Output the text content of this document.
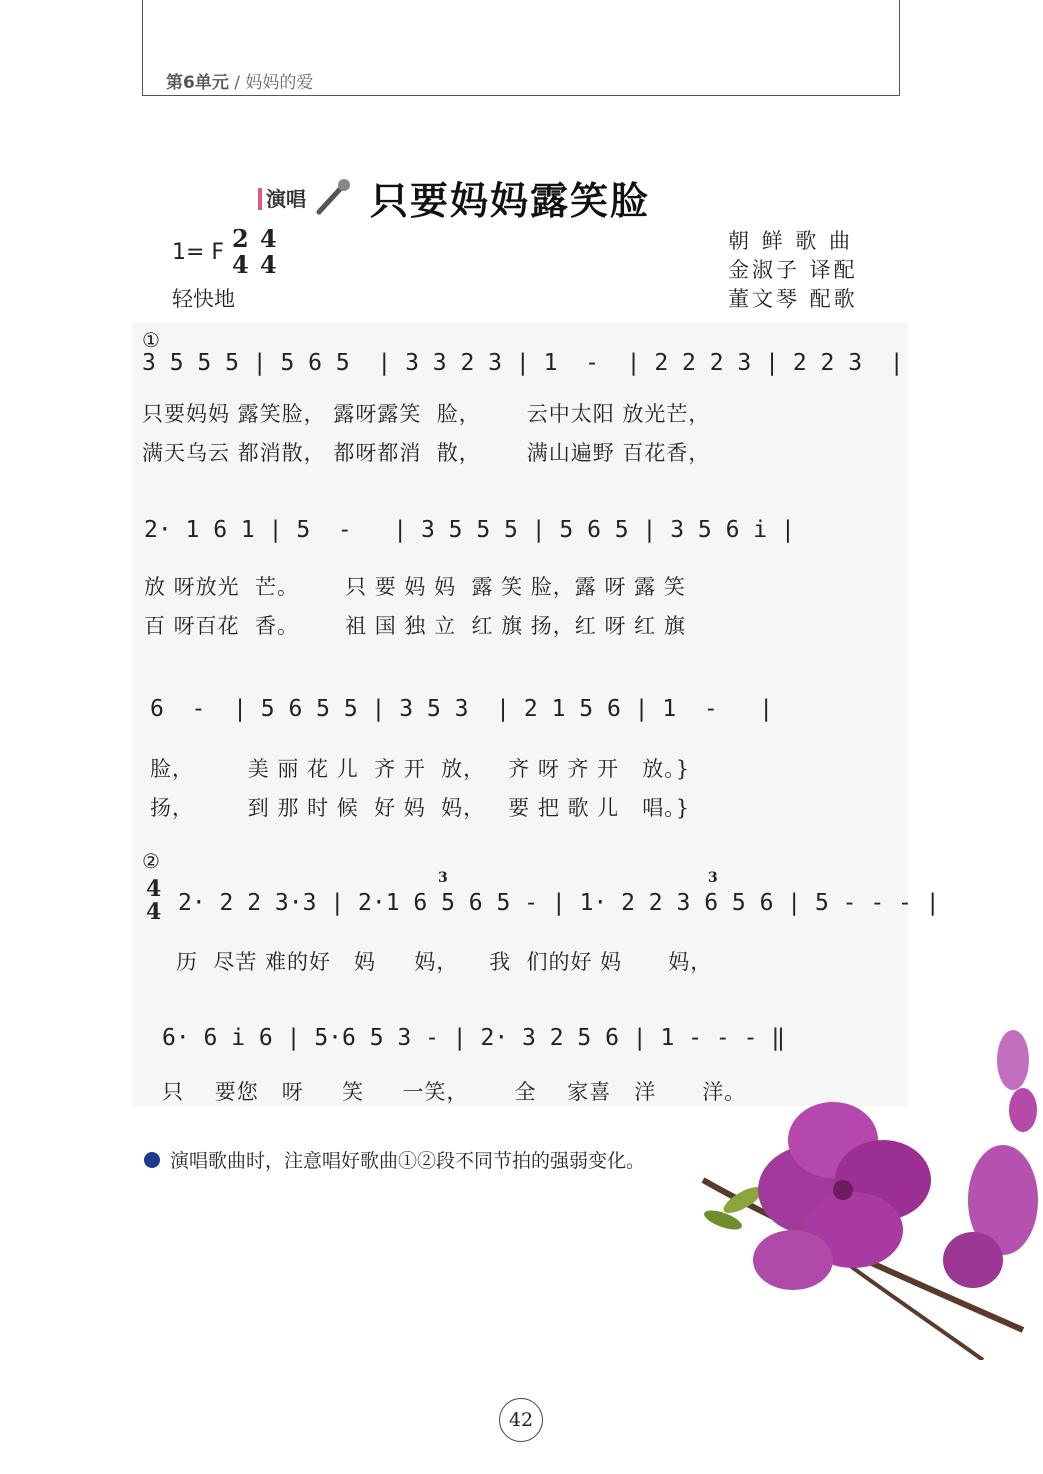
第6单元 / 妈妈的爱
演唱	只要妈妈露笑脸
1= F 2
4
4
4
轻快地
朝 鲜 歌 曲
金淑子 译配
董文琴 配歌
①
3 5 5 5 | 5 6 5  | 3 3 2 3 | 1  -  | 2 2 2 3 | 2 2 3  |
只要妈妈 露笑脸， 露呀露笑  脸，      云中太阳 放光芒，
满天乌云 都消散， 都呀都消  散，      满山遍野 百花香，
2· 1 6 1 | 5  -   | 3 5 5 5 | 5 6 5 | 3 5 6 i |
放 呀放光  芒。      只 要 妈 妈  露 笑 脸，露 呀 露 笑
百 呀百花  香。      祖 国 独 立  红 旗 扬，红 呀 红 旗
6  -  | 5 6 5 5 | 3 5 3  | 2 1 5 6 | 1  -   |
脸，       美 丽 花 儿  齐 开  放，   齐 呀 齐 开   放。}
扬，       到 那 时 候  好 妈  妈，   要 把 歌 儿   唱。}
②
4
4
3	3
2· 2 2 3·3 | 2·1 6 5 6 5 - | 1· 2 2 3 6 5 6 | 5 - - - |
历  尽苦 难的好   妈     妈，    我  们的好 妈      妈，
6· 6 i 6 | 5·6 5 3 - | 2· 3 2 5 6 | 1 - - - ‖
只    要您   呀     笑     一笑，      全    家喜   洋      洋。
演唱歌曲时，注意唱好歌曲①②段不同节拍的强弱变化。
42
